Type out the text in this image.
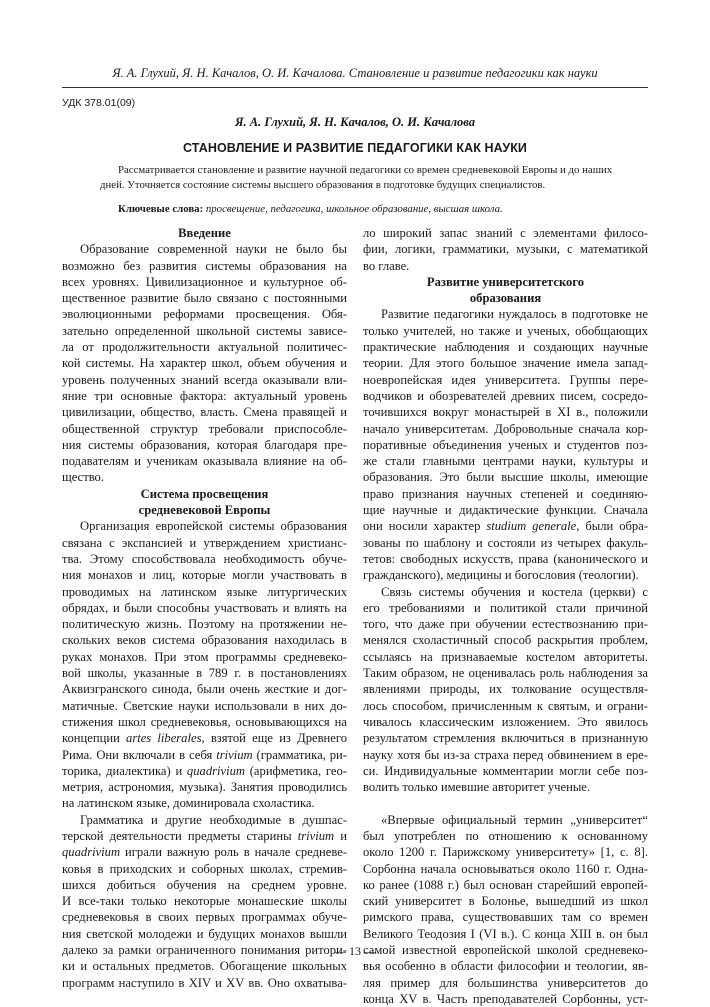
Я. А. Глухий, Я. Н. Качалов, О. И. Качалова. Становление и развитие педагогики как науки
УДК 378.01(09)
Я. А. Глухий, Я. Н. Качалов, О. И. Качалова
СТАНОВЛЕНИЕ И РАЗВИТИЕ ПЕДАГОГИКИ КАК НАУКИ
Рассматривается становление и развитие научной педагогики со времен средневековой Европы и до наших
дней. Уточняется состояние системы высшего образования в подготовке будущих специалистов.
Ключевые слова: просвещение, педагогика, школьное образование, высшая школа.
Введение
Образование современной науки не было бы
возможно без развития системы образования на
всех уровнях. Цивилизационное и культурное об-
щественное развитие было связано с постоянными
эволюционными реформами просвещения. Обя-
зательно определенной школьной системы зависе-
ла от продолжительности актуальной политичес-
кой системы. На характер школ, объем обучения и
уровень полученных знаний всегда оказывали вли-
яние три основные фактора: актуальный уровень
цивилизации, общество, власть. Смена правящей и
общественной структур требовали приспособле-
ния системы образования, которая благодаря пре-
подавателям и ученикам оказывала влияние на об-
щество.
Система просвещения
средневековой Европы
Организация европейской системы образования
связана с экспансией и утверждением христианс-
тва. Этому способствовала необходимость обуче-
ния монахов и лиц, которые могли участвовать в
проводимых на латинском языке литургических
обрядах, и были способны участвовать и влиять на
политическую жизнь. Поэтому на протяжении не-
скольких веков система образования находилась в
руках монахов. При этом программы средневеко-
вой школы, указанные в 789 г. в постановлениях
Аквизгранского синода, были очень жесткие и дог-
матичные. Светские науки использовали в них до-
стижения школ средневековья, основывающихся на
концепции artes liberales, взятой еще из Древнего
Рима. Они включали в себя trivium (грамматика, ри-
торика, диалектика) и quadrivium (арифметика, гео-
метрия, астрономия, музыка). Занятия проводились
на латинском языке, доминировала схоластика.
Грамматика и другие необходимые в душпас-
терской деятельности предметы старины trivium и
quadrivium играли важную роль в начале средневе-
ковья в приходских и соборных школах, стремив-
шихся добиться обучения на среднем уровне.
И все-таки только некоторые монашеские школы
средневековья в своих первых программах обуче-
ния светской молодежи и будущих монахов вышли
далеко за рамки ограниченного понимания ритори-
ки и остальных предметов. Обогащение школьных
программ наступило в XIV и XV вв. Оно охватыва-
ло широкий запас знаний с элементами филосо-
фии, логики, грамматики, музыки, с математикой
во главе.
Развитие университетского
образования
Развитие педагогики нуждалось в подготовке не
только учителей, но также и ученых, обобщающих
практические наблюдения и создающих научные
теории. Для этого большое значение имела запад-
ноевропейская идея университета. Группы пере-
водчиков и обозревателей древних писем, сосредо-
точившихся вокруг монастырей в XI в., положили
начало университетам. Добровольные сначала кор-
поративные объединения ученых и студентов поз-
же стали главными центрами науки, культуры и
образования. Это были высшие школы, имеющие
право признания научных степеней и соединяю-
щие научные и дидактические функции. Сначала
они носили характер studium generale, были обра-
зованы по шаблону и состояли из четырех факуль-
тетов: свободных искусств, права (канонического и
гражданского), медицины и богословия (теологии).
Связь системы обучения и костела (церкви) с
его требованиями и политикой стали причиной
того, что даже при обучении естествознанию при-
менялся схоластичный способ раскрытия проблем,
ссылаясь на признаваемые костелом авторитеты.
Таким образом, не оценивалась роль наблюдения за
явлениями природы, их толкование осуществля-
лось способом, причисленным к святым, и ограни-
чивалось классическим изложением. Это явилось
результатом стремления включиться в признанную
науку хотя бы из-за страха перед обвинением в ере-
си. Индивидуальные комментарии могли себе поз-
волить только имевшие авторитет ученые.

«Впервые официальный термин „университет“
был употреблен по отношению к основанному
около 1200 г. Парижскому университету» [1, с. 8].
Сорбонна начала основываться около 1160 г. Одна-
ко ранее (1088 г.) был основан старейший европей-
ский университет в Болонье, вышедший из школ
римского права, существовавших там со времен
Великого Теодозия I (VI в.). С конца XIII в. он был
самой известной европейской школой средневеко-
вья особенно в области философии и теологии, яв-
ляя пример для большинства университетов до
конца XV в. Часть преподавателей Сорбонны, уст-
— 13 —
